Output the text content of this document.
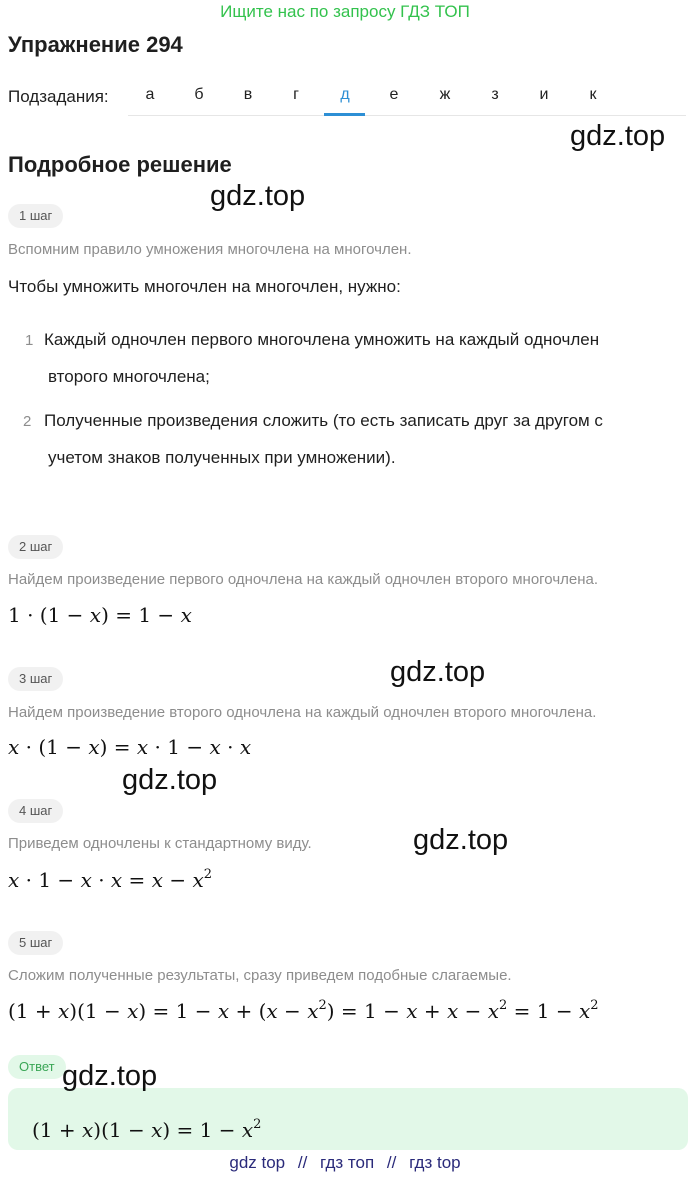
Ищите нас по запросу ГДЗ ТОП
Упражнение 294
Подзадания:	а	б	в	г	д	е	ж	з	и	к
gdz.top
Подробное решение
gdz.top
1 шаг
Вспомним правило умножения многочлена на многочлен.
Чтобы умножить многочлен на многочлен, нужно:
1 Каждый одночлен первого многочлена умножить на каждый одночлен
второго многочлена;
2 Полученные произведения сложить (то есть записать друг за другом с
учетом знаков полученных при умножении).
2 шаг
Найдем произведение первого одночлена на каждый одночлен второго многочлена.
1 · (1 − x) = 1 − x
gdz.top
3 шаг
Найдем произведение второго одночлена на каждый одночлен второго многочлена.
x · (1 − x) = x · 1 − x · x
gdz.top
4 шаг
Приведем одночлены к стандартному виду.	gdz.top
$x \cdot 1 - x \cdot x = x - x^2$
5 шаг
Сложим полученные результаты, сразу приведем подобные слагаемые.
$(1 + x)(1 - x) = 1 - x + (x - x^2) = 1 - x + x - x^2 = 1 - x^2$
Ответ gdz.top
$(1 + x)(1 - x) = 1 - x^2$
gdz top // гдз топ // гдз top
